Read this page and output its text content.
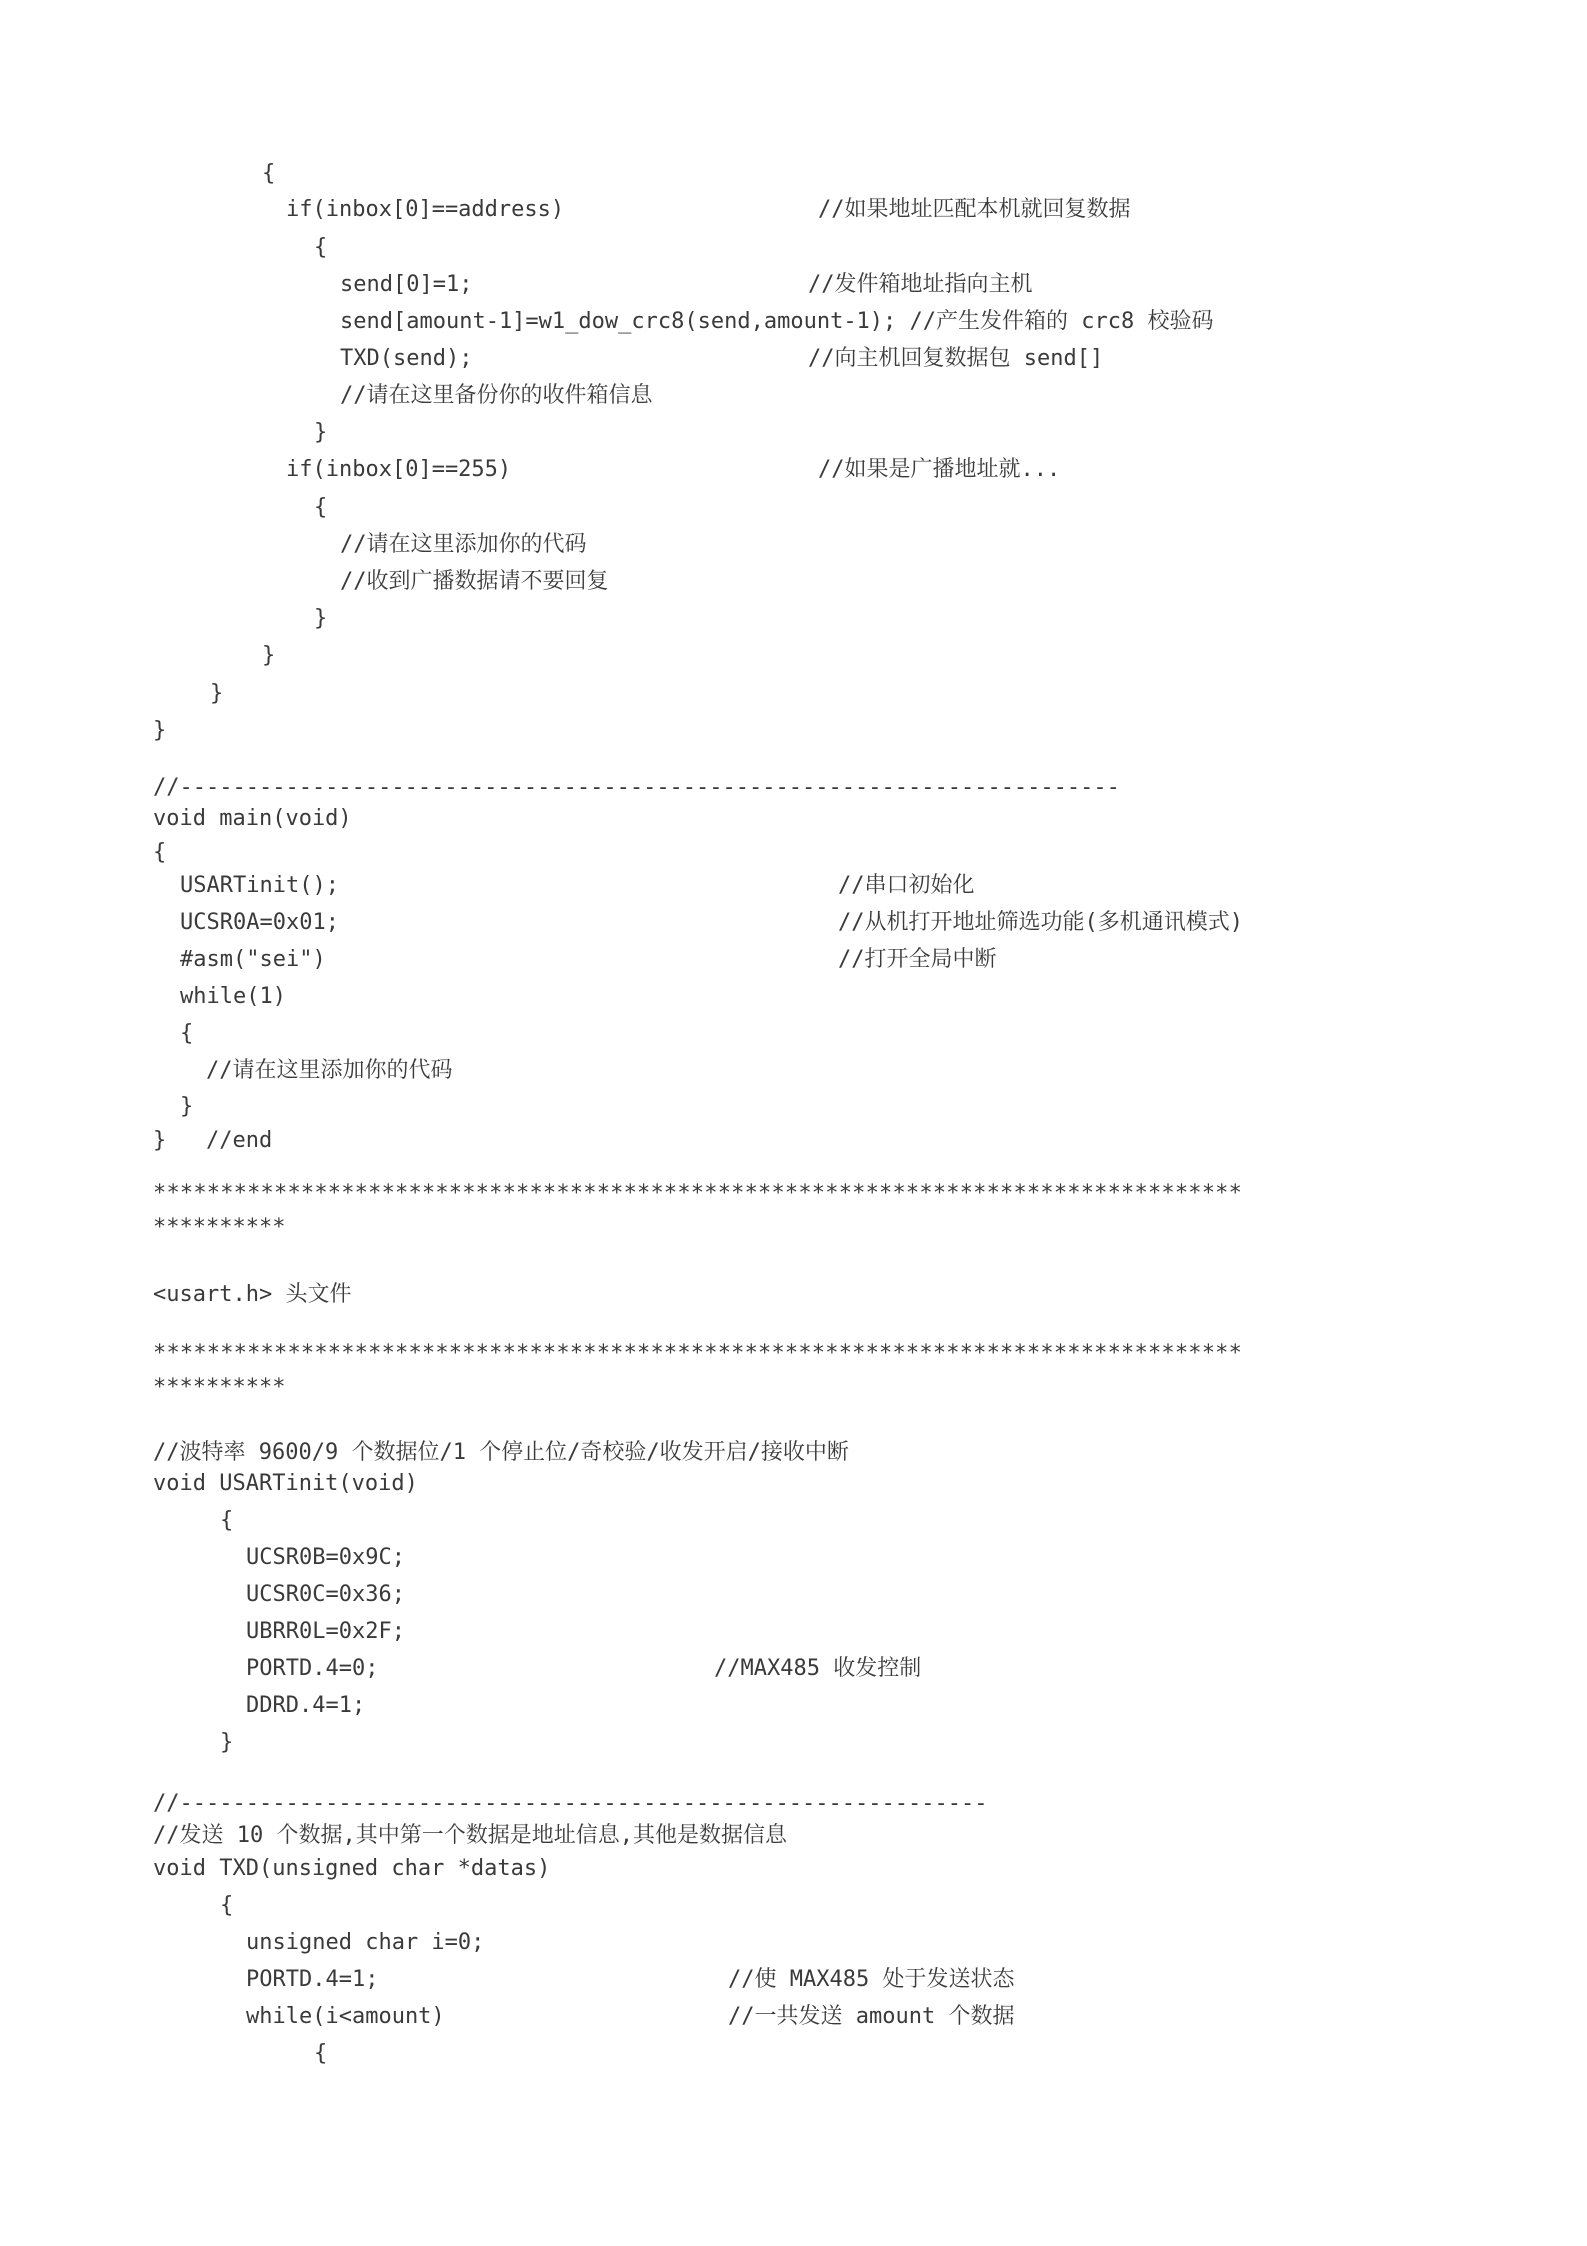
{
if(inbox[0]==address)	//如果地址匹配本机就回复数据
{
send[0]=1;	//发件箱地址指向主机
send[amount-1]=w1_dow_crc8(send,amount-1); //产生发件箱的 crc8 校验码
TXD(send);	//向主机回复数据包 send[]
//请在这里备份你的收件箱信息
}
if(inbox[0]==255)	//如果是广播地址就...
{
//请在这里添加你的代码
//收到广播数据请不要回复
}
}
}
}
//-----------------------------------------------------------------------
void main(void)
{
USARTinit();	//串口初始化
UCSR0A=0x01;	//从机打开地址筛选功能(多机通讯模式)
#asm("sei")	//打开全局中断
while(1)
{
//请在这里添加你的代码
}
}   //end
*********************************************************************************
**********
<usart.h> 头文件
*********************************************************************************
**********
//波特率 9600/9 个数据位/1 个停止位/奇校验/收发开启/接收中断
void USARTinit(void)
{
UCSR0B=0x9C;
UCSR0C=0x36;
UBRR0L=0x2F;
PORTD.4=0;	//MAX485 收发控制
DDRD.4=1;
}
//-------------------------------------------------------------
//发送 10 个数据,其中第一个数据是地址信息,其他是数据信息
void TXD(unsigned char *datas)
{
unsigned char i=0;
PORTD.4=1;	//使 MAX485 处于发送状态
while(i<amount)	//一共发送 amount 个数据
{
